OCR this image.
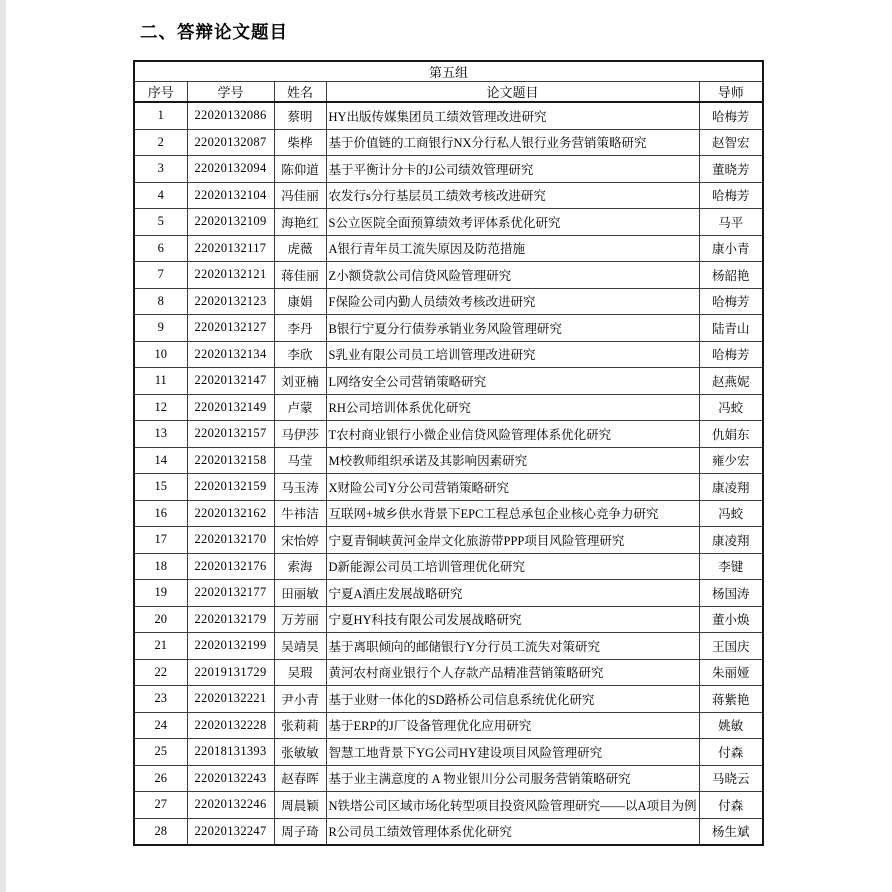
二、答辩论文题目
第五组				
序号	学号	姓名	论文题目	导师
1	22020132086	蔡明	HY出版传媒集团员工绩效管理改进研究	哈梅芳
2	22020132087	柴桦	基于价值链的工商银行NX分行私人银行业务营销策略研究	赵智宏
3	22020132094	陈仰道	基于平衡计分卡的J公司绩效管理研究	董晓芳
4	22020132104	冯佳丽	农发行s分行基层员工绩效考核改进研究	哈梅芳
5	22020132109	海艳红	S公立医院全面预算绩效考评体系优化研究	马平
6	22020132117	虎薇	A银行青年员工流失原因及防范措施	康小青
7	22020132121	蒋佳丽	Z小额贷款公司信贷风险管理研究	杨韶艳
8	22020132123	康娟	F保险公司内勤人员绩效考核改进研究	哈梅芳
9	22020132127	李丹	B银行宁夏分行债券承销业务风险管理研究	陆青山
10	22020132134	李欣	S乳业有限公司员工培训管理改进研究	哈梅芳
11	22020132147	刘亚楠	L网络安全公司营销策略研究	赵燕妮
12	22020132149	卢蒙	RH公司培训体系优化研究	冯蛟
13	22020132157	马伊莎	T农村商业银行小微企业信贷风险管理体系优化研究	仇娟东
14	22020132158	马莹	M校教师组织承诺及其影响因素研究	雍少宏
15	22020132159	马玉涛	X财险公司Y分公司营销策略研究	康凌翔
16	22020132162	牛祎洁	互联网+城乡供水背景下EPC工程总承包企业核心竞争力研究	冯蛟
17	22020132170	宋怡婷	宁夏青铜峡黄河金岸文化旅游带PPP项目风险管理研究	康凌翔
18	22020132176	索海	D新能源公司员工培训管理优化研究	李键
19	22020132177	田丽敏	宁夏A酒庄发展战略研究	杨国涛
20	22020132179	万芳丽	宁夏HY科技有限公司发展战略研究	董小焕
21	22020132199	吴靖昊	基于离职倾向的邮储银行Y分行员工流失对策研究	王国庆
22	22019131729	吴瑕	黄河农村商业银行个人存款产品精准营销策略研究	朱丽娅
23	22020132221	尹小青	基于业财一体化的SD路桥公司信息系统优化研究	蒋紫艳
24	22020132228	张莉莉	基于ERP的J厂设备管理优化应用研究	姚敏
25	22018131393	张敏敏	智慧工地背景下YG公司HY建设项目风险管理研究	付森
26	22020132243	赵春晖	基于业主满意度的 A 物业银川分公司服务营销策略研究	马晓云
27	22020132246	周晨颖	N铁塔公司区域市场化转型项目投资风险管理研究——以A项目为例	付森
28	22020132247	周子琦	R公司员工绩效管理体系优化研究	杨生斌
